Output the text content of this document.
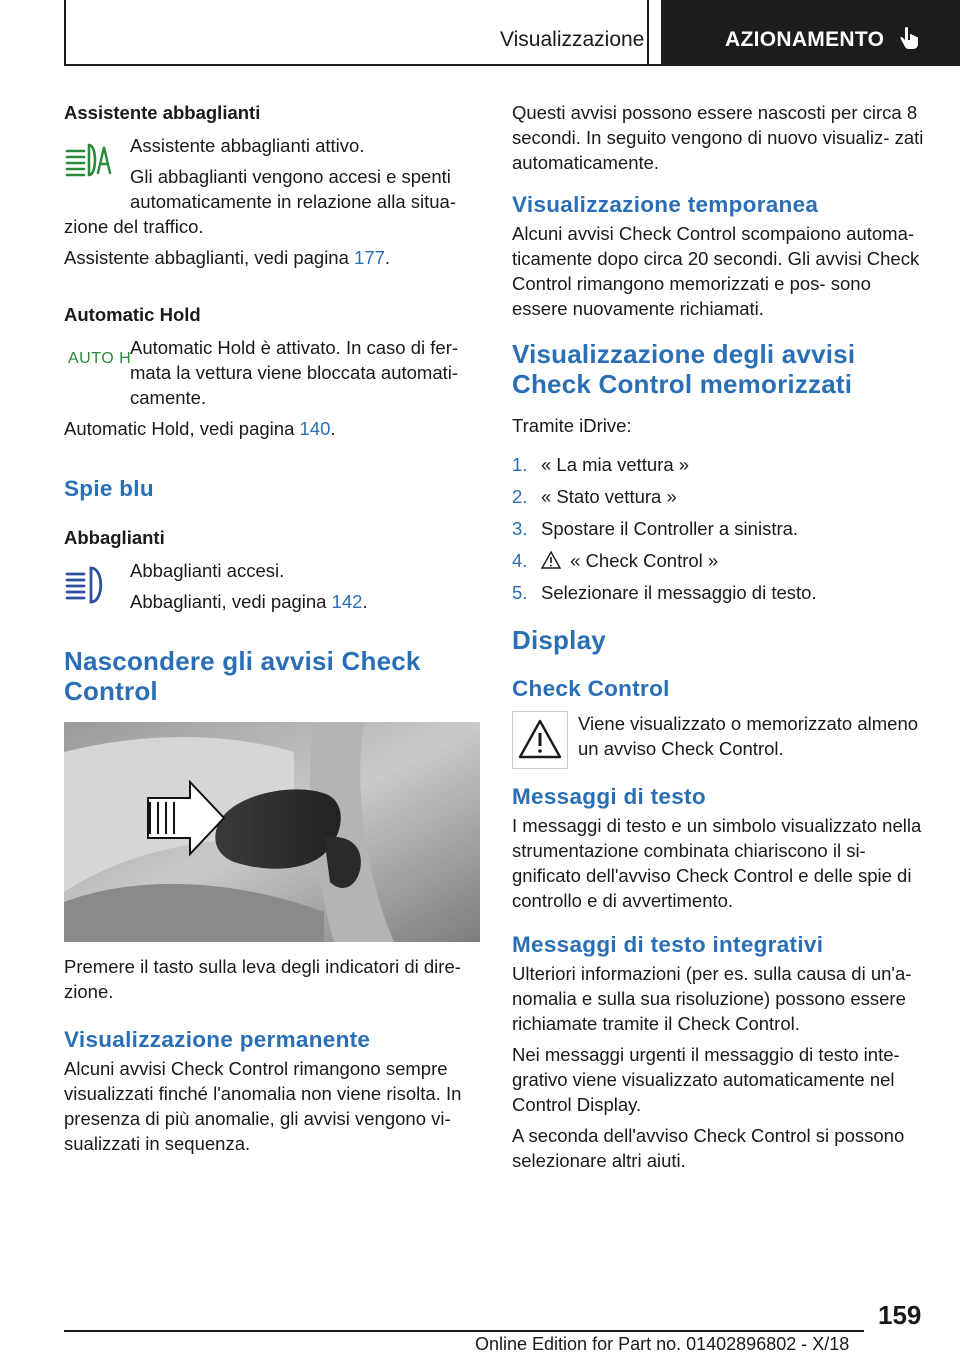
Visualizzazione	AZIONAMENTO
Assistente abbaglianti

Assistente abbaglianti attivo.

Gli abbaglianti vengono accesi e spenti
automaticamente in relazione alla situa-
zione del traffico.

Assistente abbaglianti, vedi pagina 177.

Automatic Hold
AUTO H

Automatic Hold è attivato. In caso di fer- mata la vettura viene bloccata automati- camente.

Automatic Hold, vedi pagina 140.

Spie blu
Abbaglianti

Abbaglianti accesi.

Abbaglianti, vedi pagina 142.

Nascondere gli avvisi Check
Control

Premere il tasto sulla leva degli indicatori di dire- zione.

Visualizzazione permanente

Alcuni avvisi Check Control rimangono sempre visualizzati finché l'anomalia non viene risolta. In presenza di più anomalie, gli avvisi vengono vi- sualizzati in sequenza.

Questi avvisi possono essere nascosti per circa 8 secondi. In seguito vengono di nuovo visualiz- zati automaticamente.

Visualizzazione temporanea

Alcuni avvisi Check Control scompaiono automa- ticamente dopo circa 20 secondi. Gli avvisi Check Control rimangono memorizzati e pos- sono essere nuovamente richiamati.

Visualizzazione degli avvisi
Check Control memorizzati

Tramite iDrive:

1. « La mia vettura »
2. « Stato vettura »
3. Spostare il Controller a sinistra.
4. « Check Control »
5. Selezionare il messaggio di testo.
Display
Check Control

Viene visualizzato o memorizzato almeno un avviso Check Control.

Messaggi di testo

I messaggi di testo e un simbolo visualizzato nella strumentazione combinata chiariscono il si- gnificato dell'avviso Check Control e delle spie di controllo e di avvertimento.

Messaggi di testo integrativi

Ulteriori informazioni (per es. sulla causa di un'a- nomalia e sulla sua risoluzione) possono essere richiamate tramite il Check Control.

Nei messaggi urgenti il messaggio di testo inte- grativo viene visualizzato automaticamente nel Control Display.

A seconda dell'avviso Check Control si possono selezionare altri aiuti.

159
Online Edition for Part no. 01402896802 - X/18
